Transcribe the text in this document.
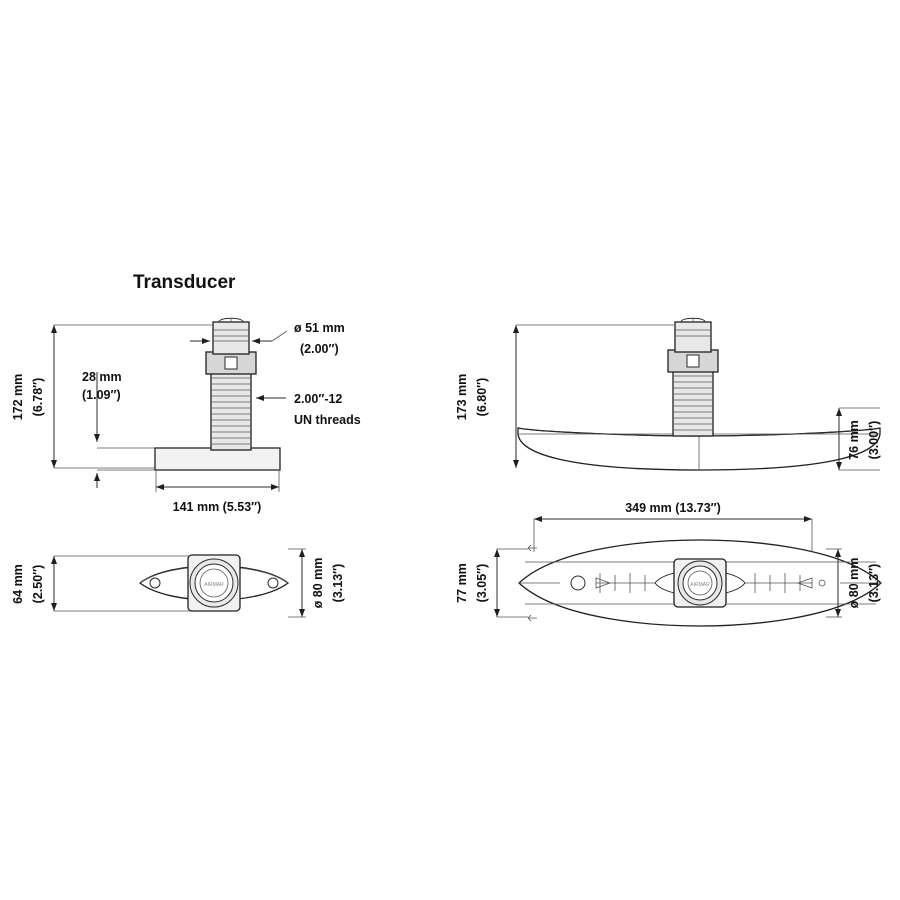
Transducer
172 mm (6.78″)
28 mm
(1.09″)
ø 51 mm
(2.00″)
2.00″-12
UN threads
141 mm (5.53″)
173 mm (6.80″)
76 mm (3.00″)
AIRMAR
64 mm (2.50″)	ø 80 mm (3.13″)	AIRMAR
349 mm (13.73″)
77 mm (3.05″)	ø 80 mm (3.13″)
